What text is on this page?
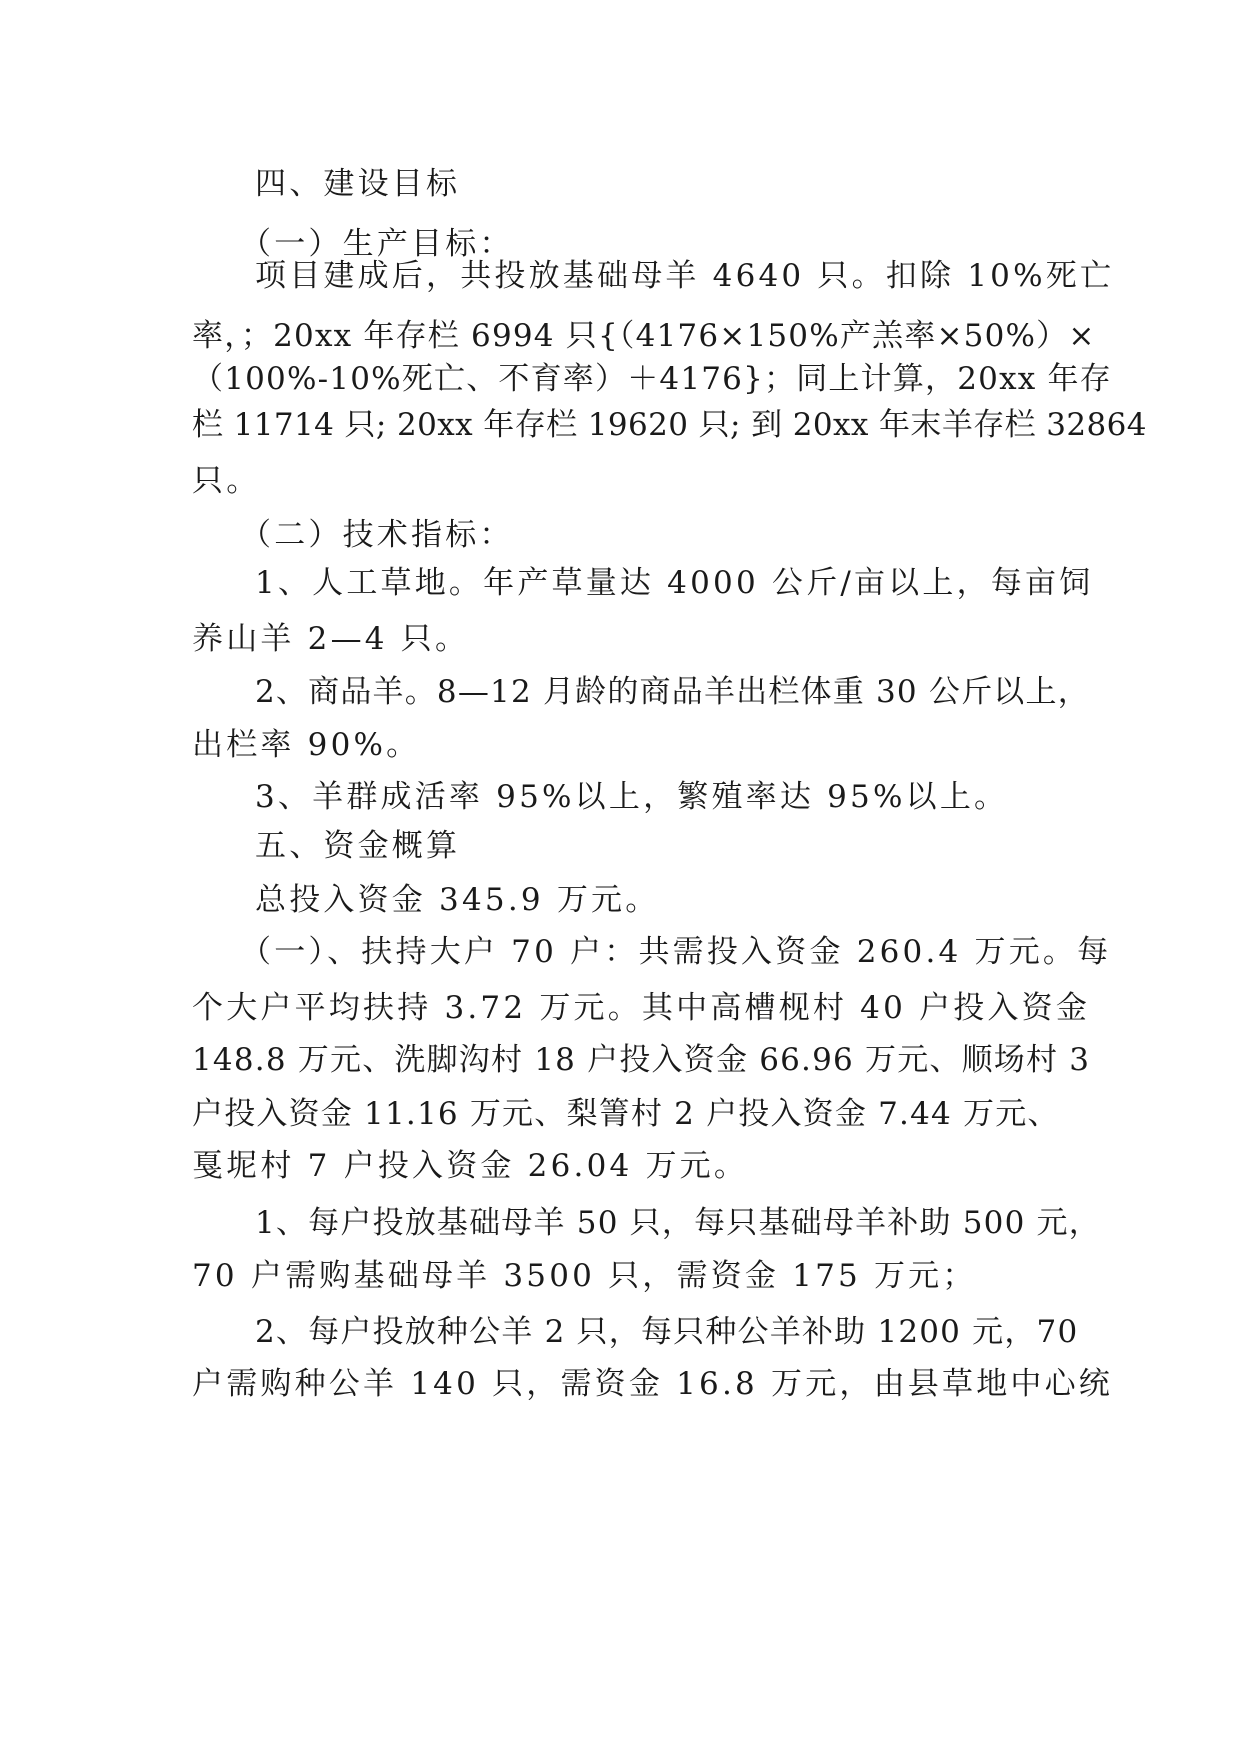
四、建设目标
（一）生产目标：
项目建成后，共投放基础母羊 4640 只。扣除 10%死亡
率，；20xx 年存栏 6994 只{（4176×150%产羔率×50%）×
（100%-10%死亡、不育率）＋4176}；同上计算，20xx 年存
栏 11714 只; 20xx 年存栏 19620 只; 到 20xx 年末羊存栏 32864
只。
（二）技术指标：
1、人工草地。年产草量达 4000 公斤/亩以上，每亩饲
养山羊 2—4 只。
2、商品羊。8—12 月龄的商品羊出栏体重 30 公斤以上，
出栏率 90%。
3、羊群成活率 95%以上，繁殖率达 95%以上。
五、资金概算
总投入资金 345.9 万元。
（一）、扶持大户 70 户：共需投入资金 260.4 万元。每
个大户平均扶持 3.72 万元。其中高槽枧村 40 户投入资金
148.8 万元、洗脚沟村 18 户投入资金 66.96 万元、顺场村 3
户投入资金 11.16 万元、梨箐村 2 户投入资金 7.44 万元、
戛坭村 7 户投入资金 26.04 万元。
1、每户投放基础母羊 50 只，每只基础母羊补助 500 元，
70 户需购基础母羊 3500 只，需资金 175 万元；
2、每户投放种公羊 2 只，每只种公羊补助 1200 元，70
户需购种公羊 140 只，需资金 16.8 万元，由县草地中心统
